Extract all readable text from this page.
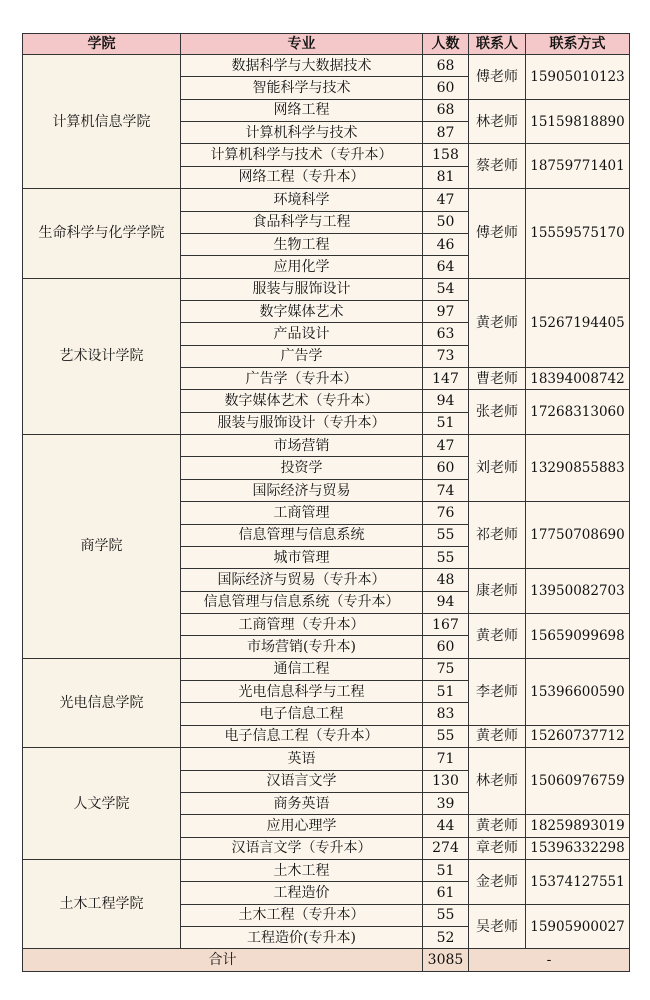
学院	专业	人数	联系人	联系方式
计算机信息学院	数据科学与大数据技术	68	傅老师	15905010123
	智能科学与技术	60		
	网络工程	68	林老师	15159818890
	计算机科学与技术	87		
	计算机科学与技术（专升本）	158	蔡老师	18759771401
	网络工程（专升本）	81		
生命科学与化学学院	环境科学	47	傅老师	15559575170
	食品科学与工程	50		
	生物工程	46		
	应用化学	64		
艺术设计学院	服装与服饰设计	54	黄老师	15267194405
	数字媒体艺术	97		
	产品设计	63		
	广告学	73		
	广告学（专升本）	147	曹老师	18394008742
	数字媒体艺术（专升本）	94	张老师	17268313060
	服装与服饰设计（专升本）	51		
商学院	市场营销	47	刘老师	13290855883
	投资学	60		
	国际经济与贸易	74		
	工商管理	76	祁老师	17750708690
	信息管理与信息系统	55		
	城市管理	55		
	国际经济与贸易（专升本）	48	康老师	13950082703
	信息管理与信息系统（专升本）	94		
	工商管理（专升本）	167	黄老师	15659099698
	市场营销(专升本)	60		
光电信息学院	通信工程	75	李老师	15396600590
	光电信息科学与工程	51		
	电子信息工程	83		
	电子信息工程（专升本）	55	黄老师	15260737712
人文学院	英语	71	林老师	15060976759
	汉语言文学	130		
	商务英语	39		
	应用心理学	44	黄老师	18259893019
	汉语言文学（专升本）	274	章老师	15396332298
土木工程学院	土木工程	51	金老师	15374127551
	工程造价	61		
	土木工程（专升本）	55	吴老师	15905900027
	工程造价(专升本)	52		
合计		3085	-	
